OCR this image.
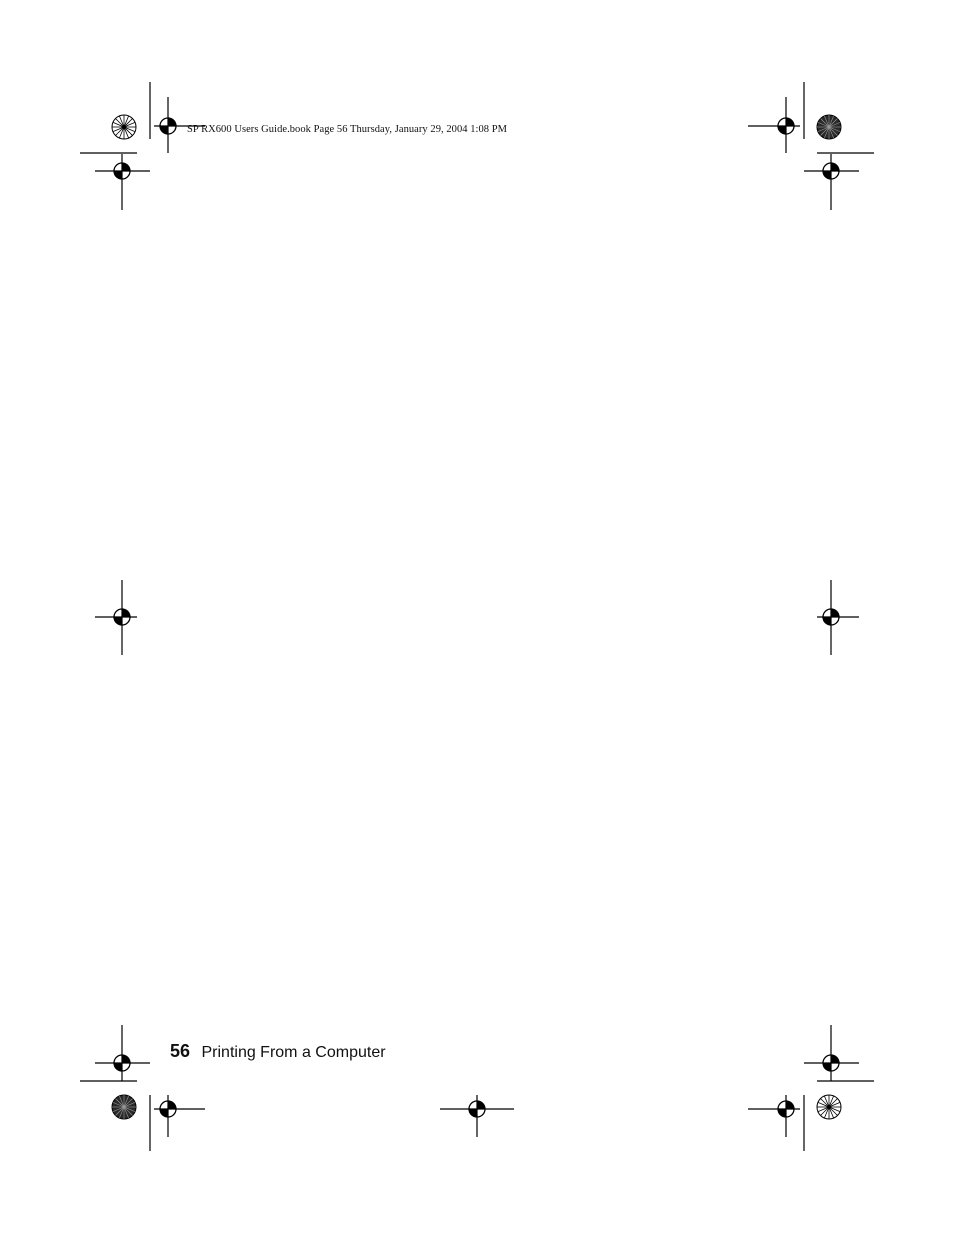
SP RX600 Users Guide.book Page 56 Thursday, January 29, 2004 1:08 PM
56 Printing From a Computer
